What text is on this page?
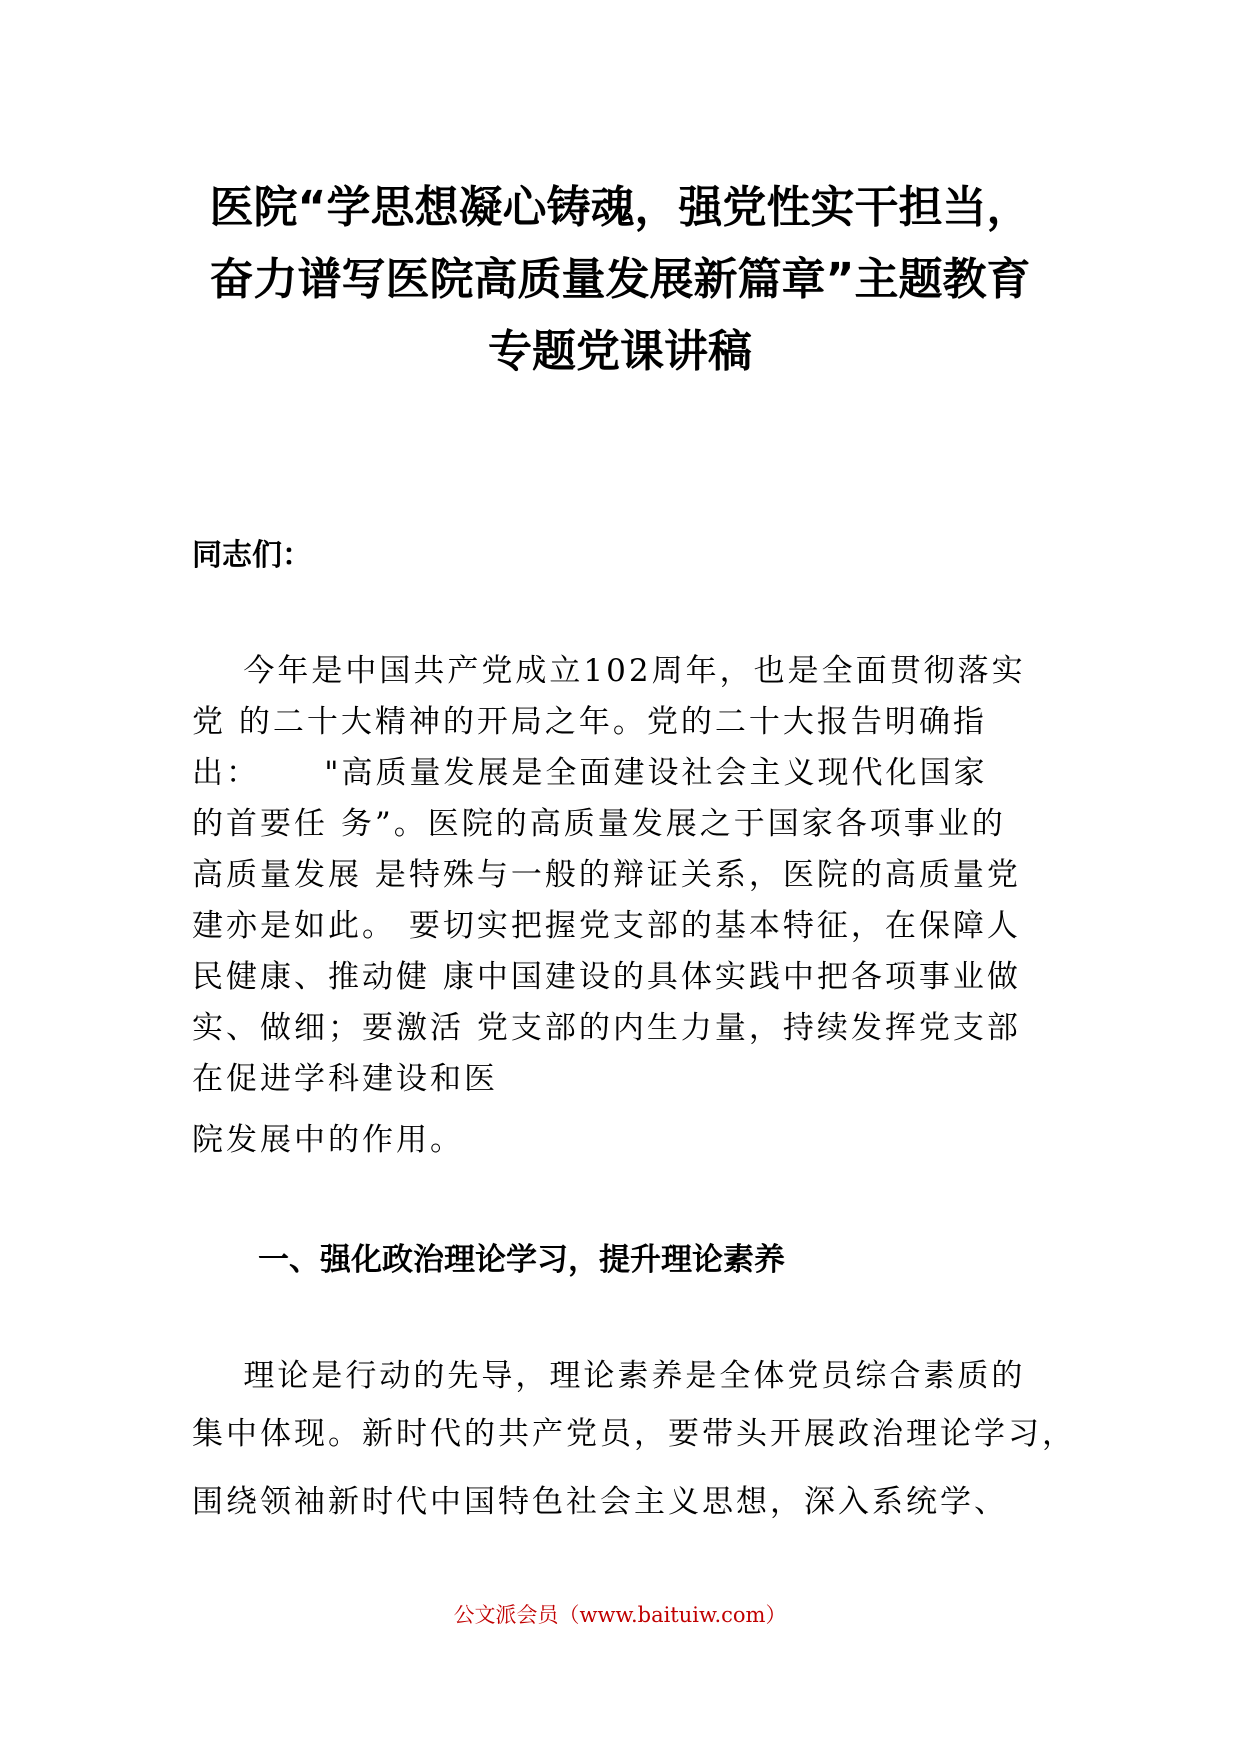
医院“学思想凝心铸魂，强党性实干担当，
奋力谱写医院高质量发展新篇章”主题教育
专题党课讲稿
同志们：
今年是中国共产党成立102周年，也是全面贯彻落实
党 的二十大精神的开局之年。党的二十大报告明确指
出：     "高质量发展是全面建设社会主义现代化国家
的首要任 务”。医院的高质量发展之于国家各项事业的
高质量发展 是特殊与一般的辩证关系，医院的高质量党
建亦是如此。 要切实把握党支部的基本特征，在保障人
民健康、推动健 康中国建设的具体实践中把各项事业做
实、做细；要激活 党支部的内生力量，持续发挥党支部
在促进学科建设和医
院发展中的作用。
一、强化政治理论学习，提升理论素养
理论是行动的先导，理论素养是全体党员综合素质的
集中体现。新时代的共产党员，要带头开展政治理论学习，
围绕领袖新时代中国特色社会主义思想，深入系统学、
公文派会员（www.baituiw.com）
